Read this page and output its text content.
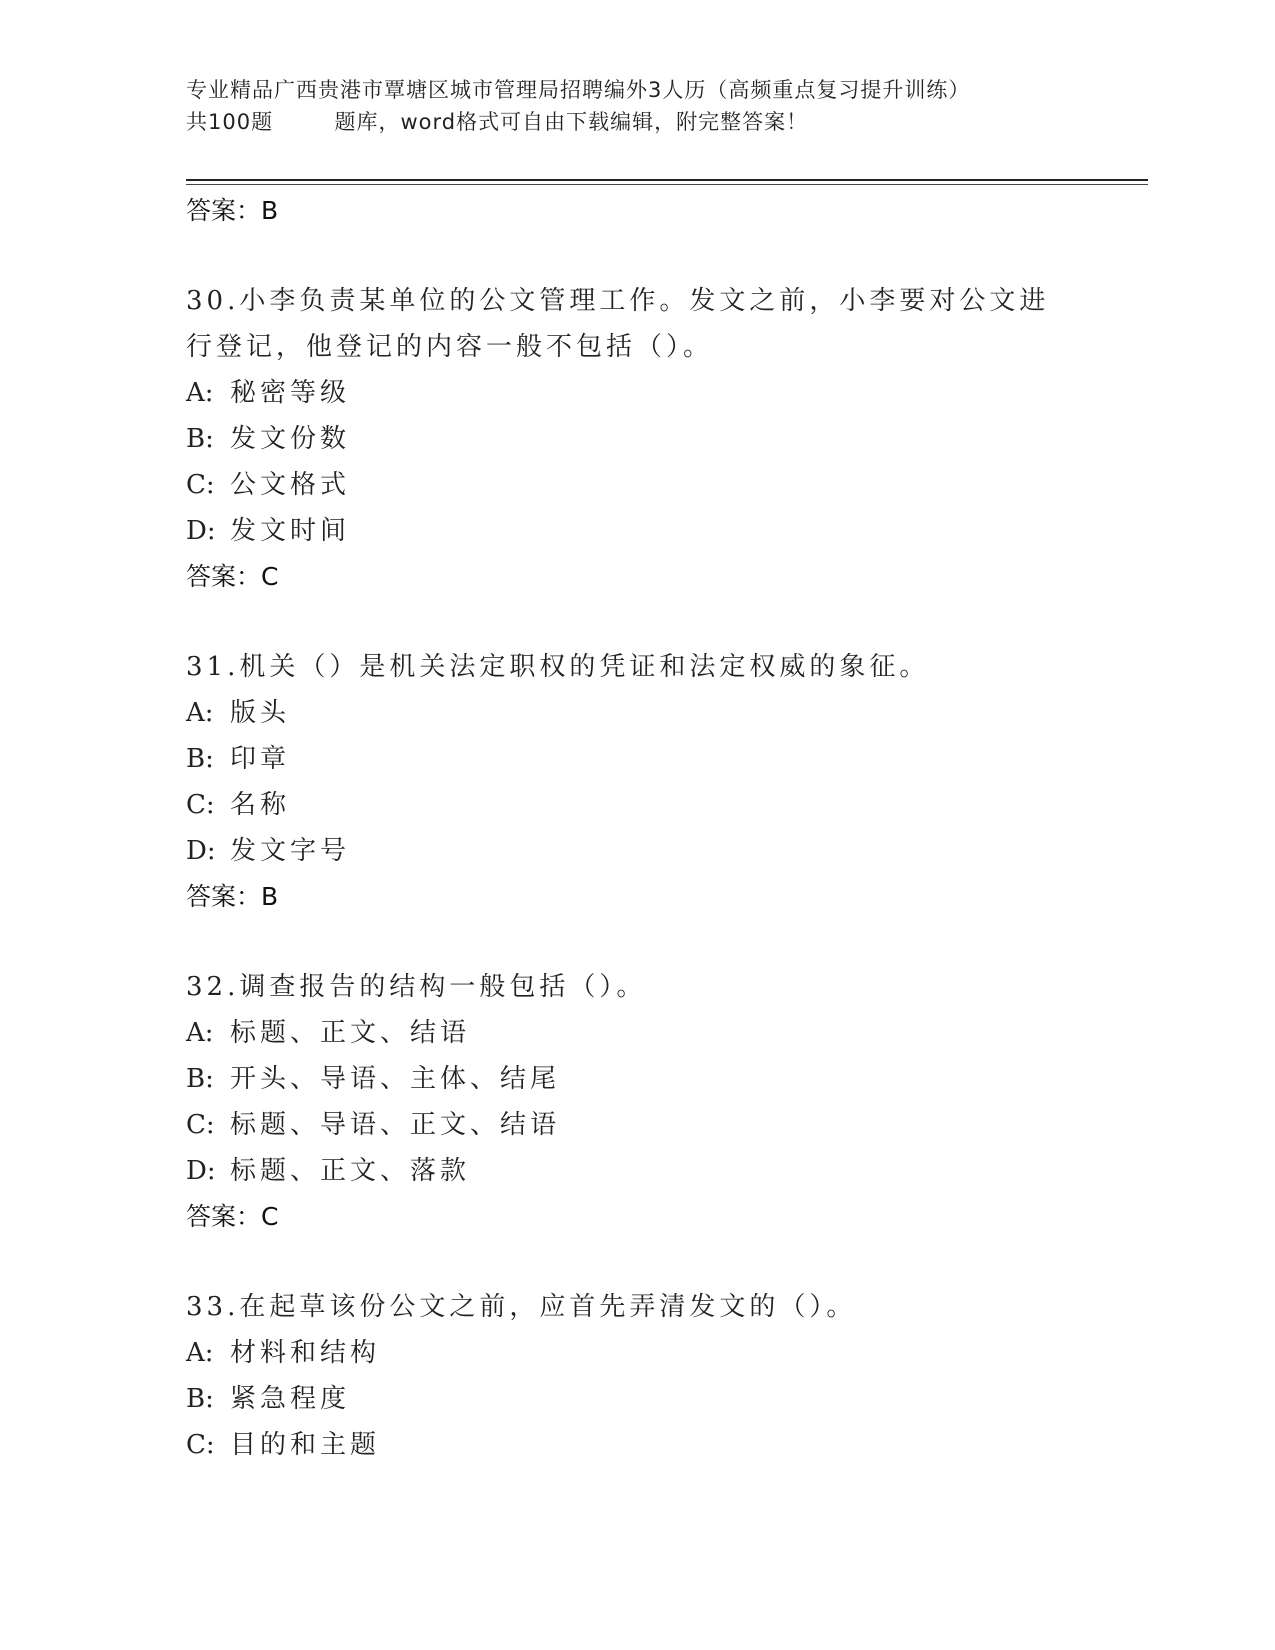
专业精品广西贵港市覃塘区城市管理局招聘编外3人历（高频重点复习提升训练）

共100题        题库，word格式可自由下载编辑，附完整答案！
答案：B
30.小李负责某单位的公文管理工作。发文之前，小李要对公文进行登记，他登记的内容一般不包括（）。
A: 秘密等级
B: 发文份数
C: 公文格式
D: 发文时间
答案：C
31.机关（）是机关法定职权的凭证和法定权威的象征。
A: 版头
B: 印章
C: 名称
D: 发文字号
答案：B
32.调查报告的结构一般包括（）。
A: 标题、正文、结语
B: 开头、导语、主体、结尾
C: 标题、导语、正文、结语
D: 标题、正文、落款
答案：C
33.在起草该份公文之前，应首先弄清发文的（）。
A: 材料和结构
B: 紧急程度
C: 目的和主题
